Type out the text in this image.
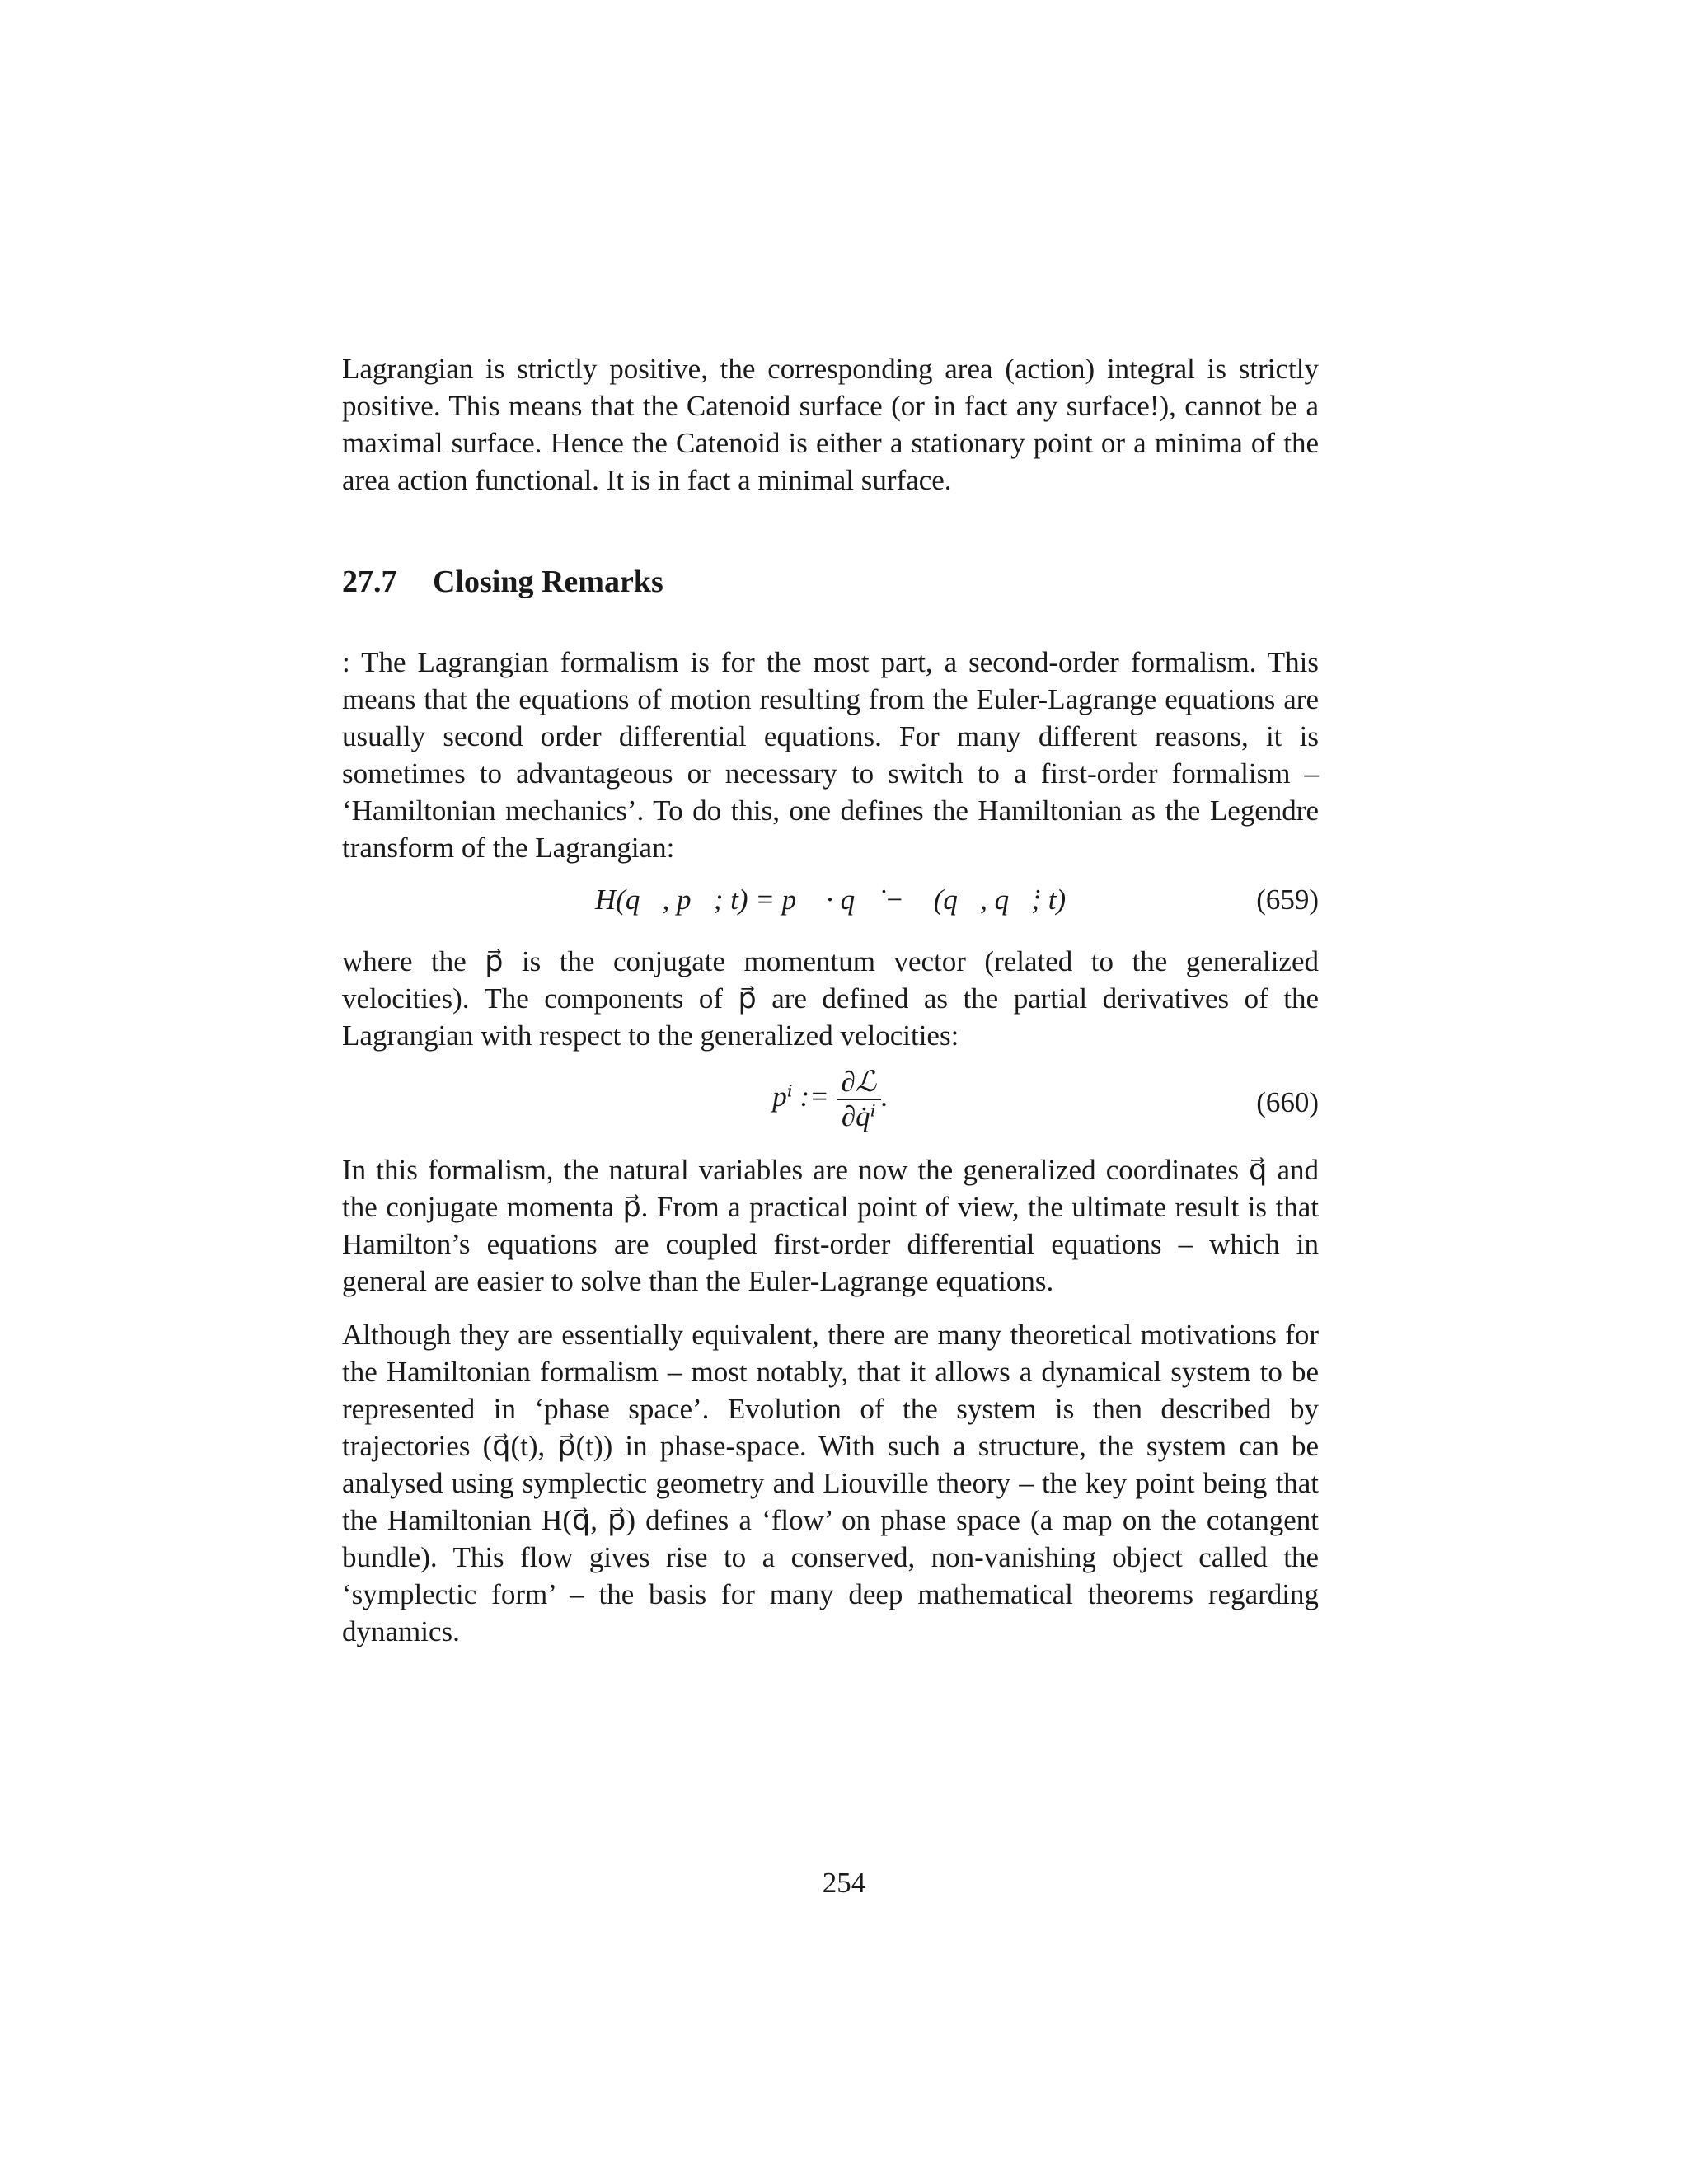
Lagrangian is strictly positive, the corresponding area (action) integral is strictly positive. This means that the Catenoid surface (or in fact any surface!), cannot be a maximal surface. Hence the Catenoid is either a stationary point or a minima of the area action functional. It is in fact a minimal surface.

27.7 Closing Remarks

: The Lagrangian formalism is for the most part, a second-order formalism. This means that the equations of motion resulting from the Euler-Lagrange equations are usually second order differential equations. For many different reasons, it is sometimes to advantageous or necessary to switch to a first-order formalism – ‘Hamiltonian mechanics’. To do this, one defines the Hamiltonian as the Legendre transform of the Lagrangian:

H(q⃗, p⃗; t) = p⃗ · q⃗̇ − ℒ(q⃗, q⃗̇; t)	(659)

where the p⃗ is the conjugate momentum vector (related to the generalized velocities). The components of p⃗ are defined as the partial derivatives of the Lagrangian with respect to the generalized velocities:

pⁱ := $\frac{\text{∂ℒ}}{\text{∂q̇ⁱ}}$ .	(660)

In this formalism, the natural variables are now the generalized coordinates q⃗ and the conjugate momenta p⃗. From a practical point of view, the ultimate result is that Hamilton’s equations are coupled first-order differential equations – which in general are easier to solve than the Euler-Lagrange equations.

Although they are essentially equivalent, there are many theoretical motivations for the Hamiltonian formalism – most notably, that it allows a dynamical system to be represented in ‘phase space’. Evolution of the system is then described by trajectories (q⃗(t), p⃗(t)) in phase-space. With such a structure, the system can be analysed using symplectic geometry and Liouville theory – the key point being that the Hamiltonian H(q⃗, p⃗) defines a ‘flow’ on phase space (a map on the cotangent bundle). This flow gives rise to a conserved, non-vanishing object called the ‘symplectic form’ – the basis for many deep mathematical theorems regarding dynamics.

254
